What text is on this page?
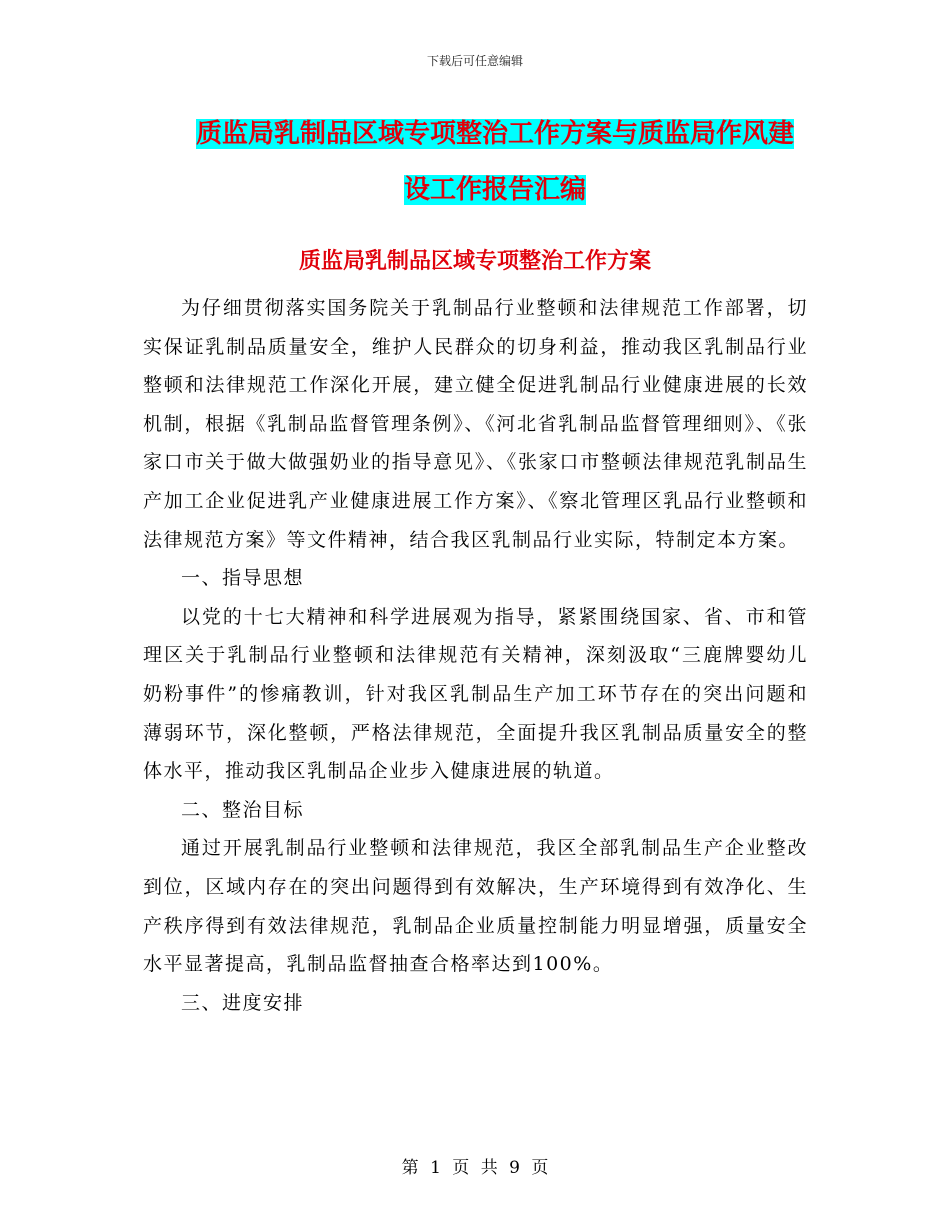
下载后可任意编辑
质监局乳制品区域专项整治工作方案与质监局作风建
设工作报告汇编
质监局乳制品区域专项整治工作方案

为仔细贯彻落实国务院关于乳制品行业整顿和法律规范工作部署，切实保证乳制品质量安全，维护人民群众的切身利益，推动我区乳制品行业整顿和法律规范工作深化开展，建立健全促进乳制品行业健康进展的长效机制，根据《乳制品监督管理条例》、《河北省乳制品监督管理细则》、《张家口市关于做大做强奶业的指导意见》、《张家口市整顿法律规范乳制品生产加工企业促进乳产业健康进展工作方案》、《察北管理区乳品行业整顿和法律规范方案》等文件精神，结合我区乳制品行业实际，特制定本方案。

一、指导思想

以党的十七大精神和科学进展观为指导，紧紧围绕国家、省、市和管理区关于乳制品行业整顿和法律规范有关精神，深刻汲取“三鹿牌婴幼儿奶粉事件”的惨痛教训，针对我区乳制品生产加工环节存在的突出问题和薄弱环节，深化整顿，严格法律规范，全面提升我区乳制品质量安全的整体水平，推动我区乳制品企业步入健康进展的轨道。

二、整治目标

通过开展乳制品行业整顿和法律规范，我区全部乳制品生产企业整改到位，区域内存在的突出问题得到有效解决，生产环境得到有效净化、生产秩序得到有效法律规范，乳制品企业质量控制能力明显增强，质量安全水平显著提高，乳制品监督抽查合格率达到100%。

三、进度安排

第 1 页 共 9 页
